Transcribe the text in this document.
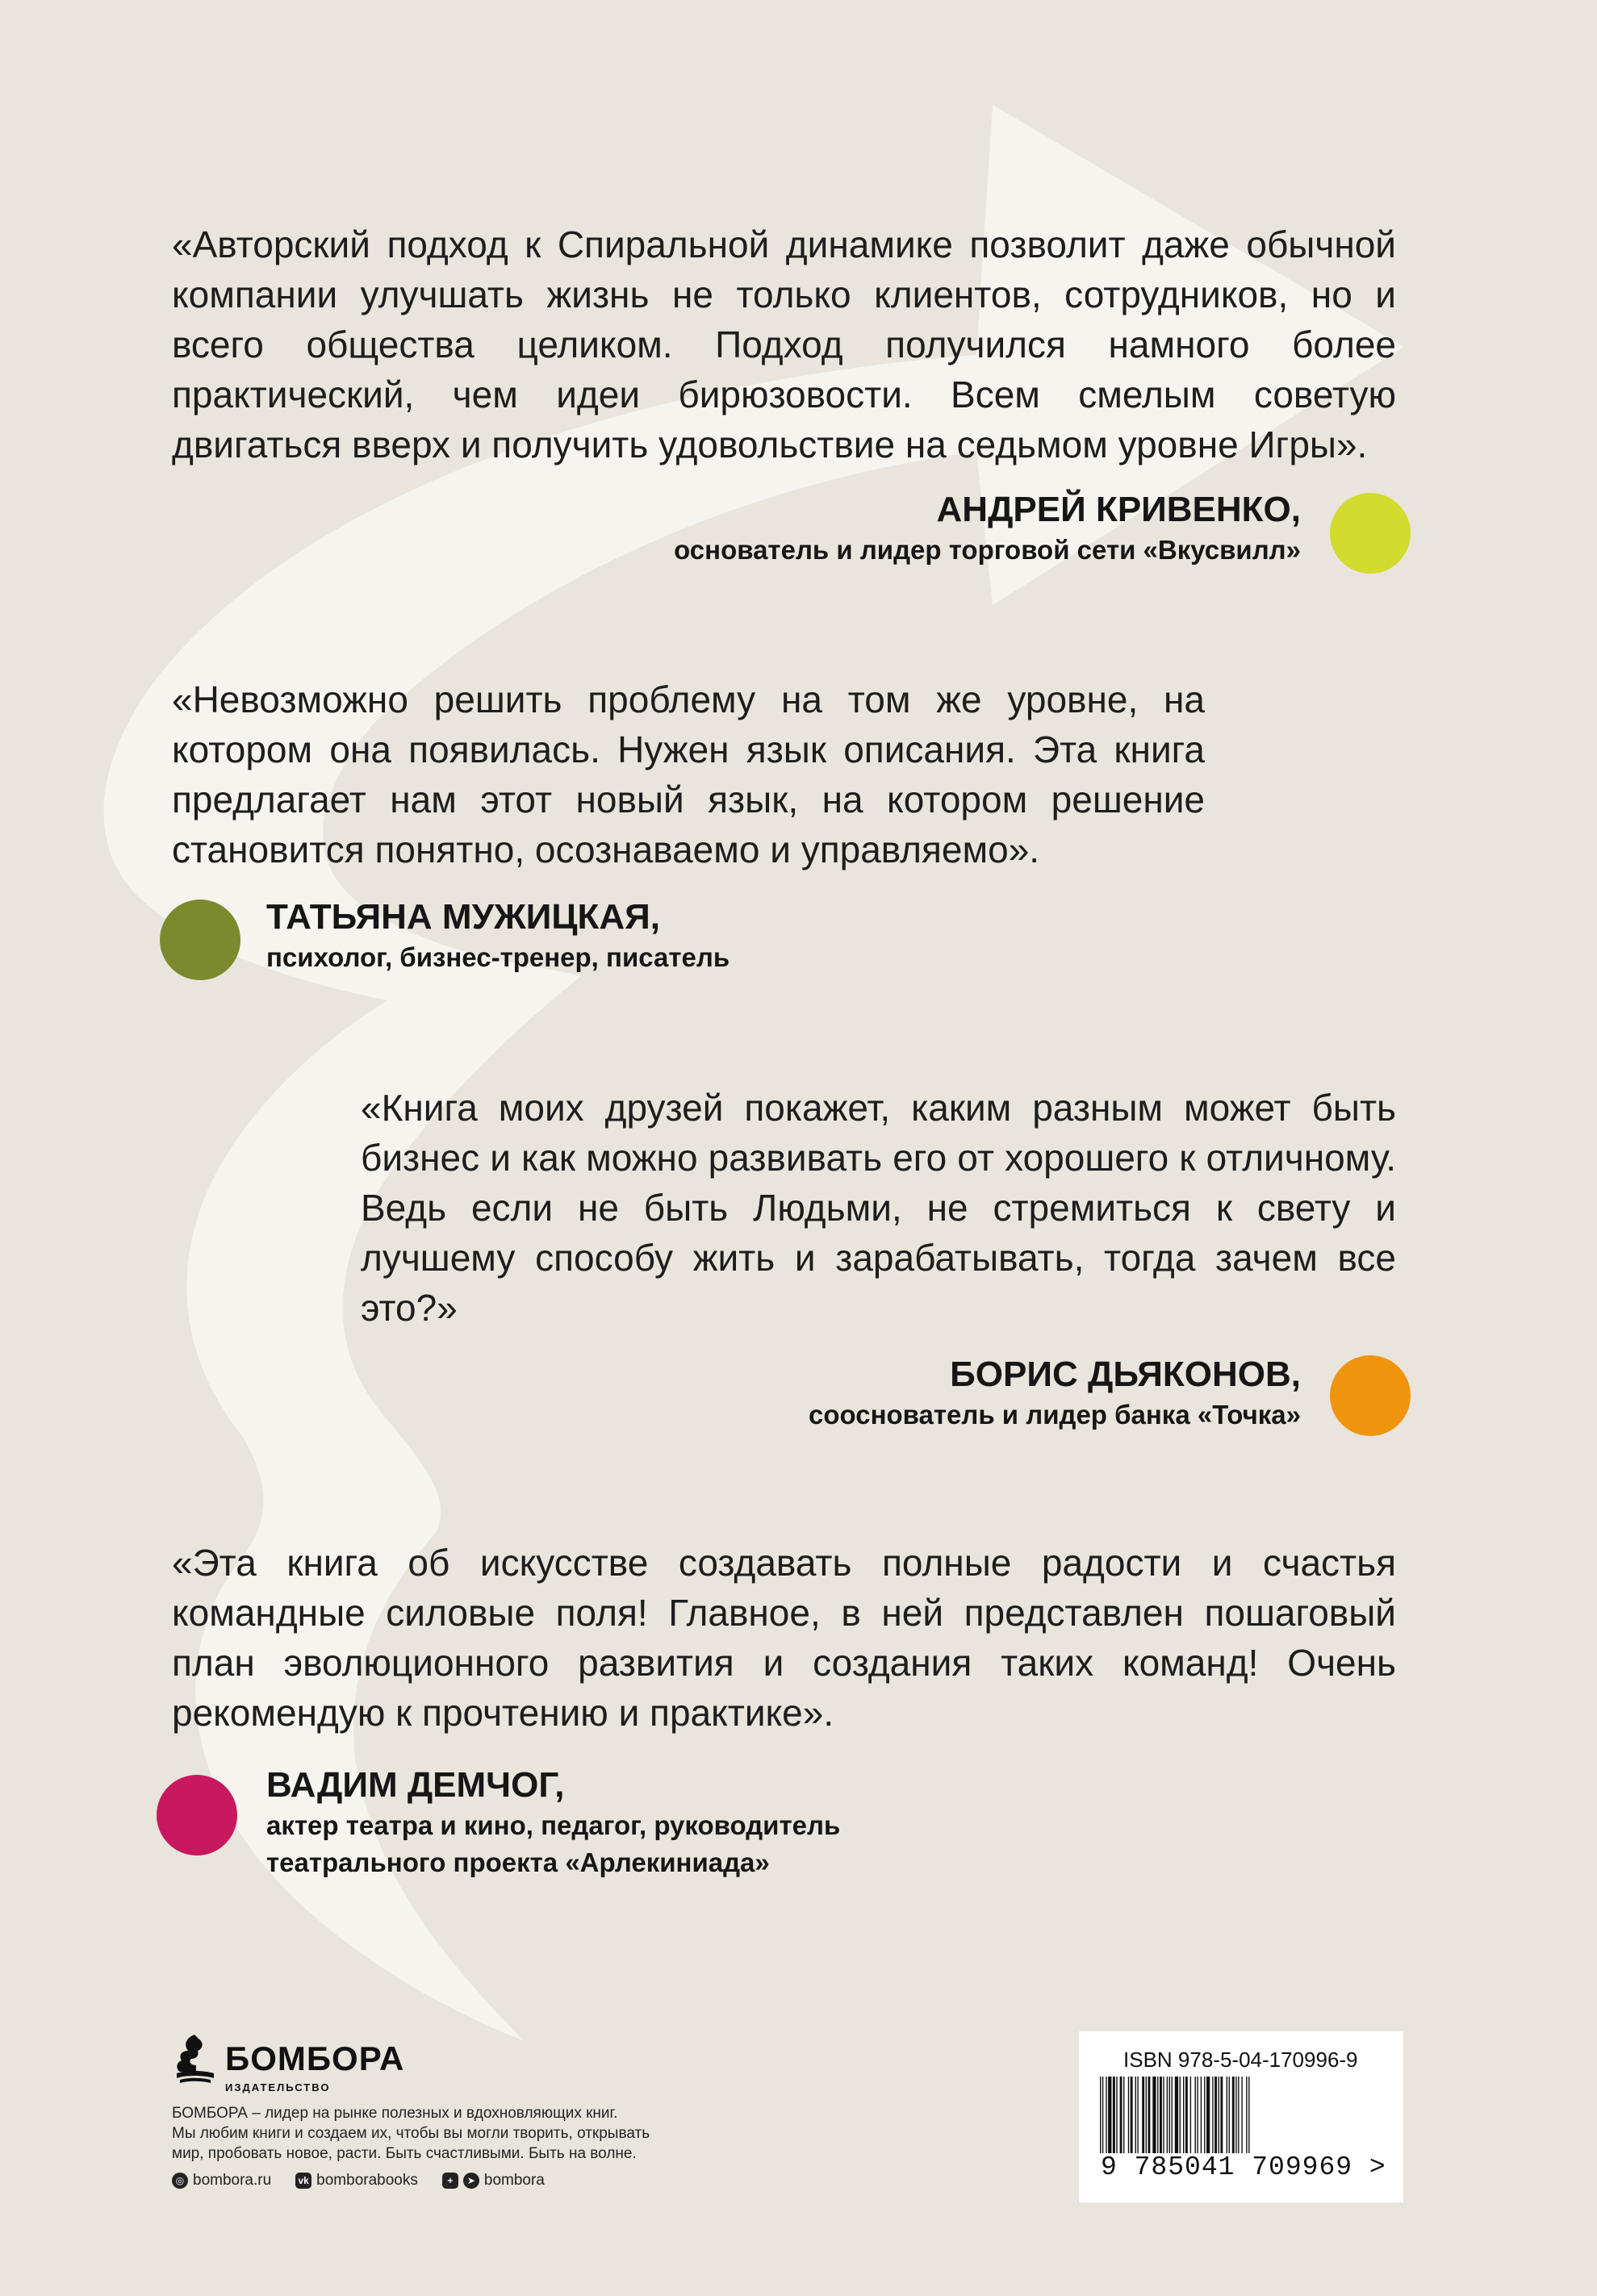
«Авторский подход к Спиральной динамике позволит даже обычной компании улучшать жизнь не только клиентов, сотрудников, но и всего общества целиком. Подход получился намного более практический, чем идеи бирюзовости. Всем смелым советую двигаться вверх и получить удовольствие на седьмом уровне Игры».

АНДРЕЙ КРИВЕНКО,
основатель и лидер торговой сети «Вкусвилл»

«Невозможно решить проблему на том же уровне, на котором она появилась. Нужен язык описания. Эта книга предлагает нам этот новый язык, на котором решение становится понятно, осознаваемо и управляемо».

ТАТЬЯНА МУЖИЦКАЯ,
психолог, бизнес-тренер, писатель

«Книга моих друзей покажет, каким разным может быть бизнес и как можно развивать его от хорошего к отличному. Ведь если не быть Людьми, не стремиться к свету и лучшему способу жить и зарабатывать, тогда зачем все это?»

БОРИС ДЬЯКОНОВ,
сооснователь и лидер банка «Точка»

«Эта книга об искусстве создавать полные радости и счастья командные силовые поля! Главное, в ней представлен пошаговый план эволюционного развития и создания таких команд! Очень рекомендую к прочтению и практике».

ВАДИМ ДЕМЧОГ,
актер театра и кино, педагог, руководитель
театрального проекта «Арлекиниада»
БОМБОРА
ИЗДАТЕЛЬСТВО
БОМБОРА – лидер на рынке полезных и вдохновляющих книг.
Мы любим книги и создаем их, чтобы вы могли творить, открывать
мир, пробовать новое, расти. Быть счастливыми. Быть на волне.
◎ bombora.ru	vk bomborabooks	+	➤ bombora
ISBN 978-5-04-170996-9
9 785041 709969 >
